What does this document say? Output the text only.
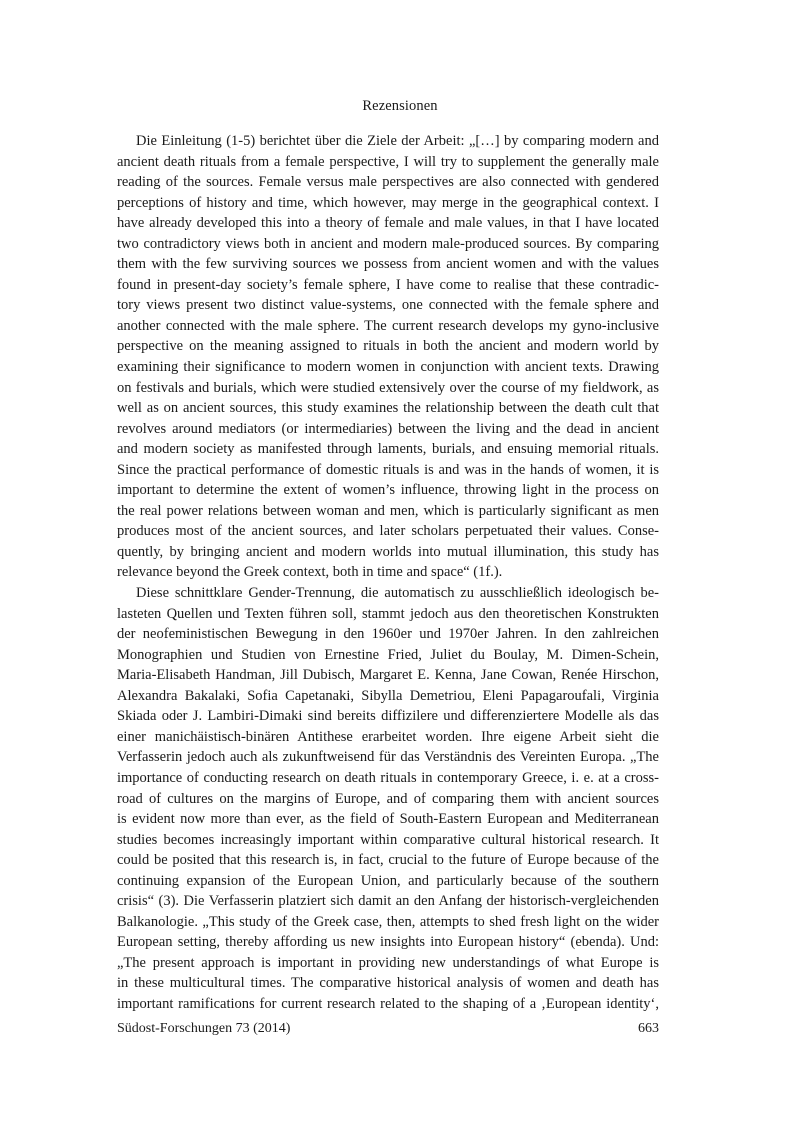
Rezensionen

Die Einleitung (1-5) berichtet über die Ziele der Arbeit: „[…] by comparing modern and
ancient death rituals from a female perspective, I will try to supplement the generally male
reading of the sources. Female versus male perspectives are also connected with gendered
perceptions of history and time, which however, may merge in the geographical context. I
have already developed this into a theory of female and male values, in that I have located
two contradictory views both in ancient and modern male-produced sources. By comparing
them with the few surviving sources we possess from ancient women and with the values
found in present-day society’s female sphere, I have come to realise that these contradic-
tory views present two distinct value-systems, one connected with the female sphere and
another connected with the male sphere. The current research develops my gyno-inclusive
perspective on the meaning assigned to rituals in both the ancient and modern world by
examining their significance to modern women in conjunction with ancient texts. Drawing
on festivals and burials, which were studied extensively over the course of my fieldwork, as
well as on ancient sources, this study examines the relationship between the death cult that
revolves around mediators (or intermediaries) between the living and the dead in ancient
and modern society as manifested through laments, burials, and ensuing memorial rituals.
Since the practical performance of domestic rituals is and was in the hands of women, it is
important to determine the extent of women’s influence, throwing light in the process on
the real power relations between woman and men, which is particularly significant as men
produces most of the ancient sources, and later scholars perpetuated their values. Conse-
quently, by bringing ancient and modern worlds into mutual illumination, this study has
relevance beyond the Greek context, both in time and space“ (1f.).

Diese schnittklare Gender-Trennung, die automatisch zu ausschließlich ideologisch be-
lasteten Quellen und Texten führen soll, stammt jedoch aus den theoretischen Konstrukten
der neofeministischen Bewegung in den 1960er und 1970er Jahren. In den zahlreichen
Monographien und Studien von Ernestine Fried, Juliet du Boulay, M. Dimen-Schein,
Maria-Elisabeth Handman, Jill Dubisch, Margaret E. Kenna, Jane Cowan, Renée Hirschon,
Alexandra Bakalaki, Sofia Capetanaki, Sibylla Demetriou, Eleni Papagaroufali, Virginia
Skiada oder J. Lambiri-Dimaki sind bereits diffizilere und differenziertere Modelle als das
einer manichäistisch-binären Antithese erarbeitet worden. Ihre eigene Arbeit sieht die
Verfasserin jedoch auch als zukunftweisend für das Verständnis des Vereinten Europa. „The
importance of conducting research on death rituals in contemporary Greece, i. e. at a cross-
road of cultures on the margins of Europe, and of comparing them with ancient sources
is evident now more than ever, as the field of South-Eastern European and Mediterranean
studies becomes increasingly important within comparative cultural historical research. It
could be posited that this research is, in fact, crucial to the future of Europe because of the
continuing expansion of the European Union, and particularly because of the southern
crisis“ (3). Die Verfasserin platziert sich damit an den Anfang der historisch-vergleichenden
Balkanologie. „This study of the Greek case, then, attempts to shed fresh light on the wider
European setting, thereby affording us new insights into European history“ (ebenda). Und:
„The present approach is important in providing new understandings of what Europe is
in these multicultural times. The comparative historical analysis of women and death has
important ramifications for current research related to the shaping of a ‚European identity‘,

Südost-Forschungen 73 (2014)	663
